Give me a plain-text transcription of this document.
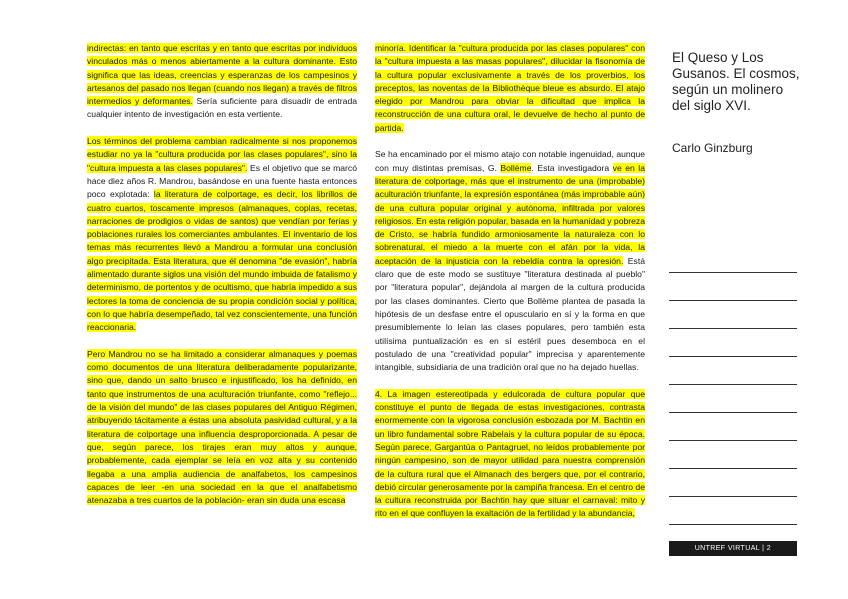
indirectas: en tanto que escritas y en tanto que escritas por individuos vinculados más o menos abiertamente a la cultura dominante. Esto significa que las ideas, creencias y esperanzas de los campesinos y artesanos del pasado nos llegan (cuando nos llegan) a través de filtros intermedios y deformantes. Sería suficiente para disuadir de entrada cualquier intento de investigación en esta vertiente.

Los términos del problema cambian radicalmente si nos proponemos estudiar no ya la "cultura producida por las clases populares", sino la "cultura impuesta a las clases populares". Es el objetivo que se marcó hace diez años R. Mandrou, basándose en una fuente hasta entonces poco explotada: la literatura de colportage, es decir, los librillos de cuatro cuartos, toscamente impresos (almanaques, coplas, recetas, narraciones de prodigios o vidas de santos) que vendían por ferias y poblaciones rurales los comerciantes ambulantes. El inventario de los temas más recurrentes llevó a Mandrou a formular una conclusión algo precipitada. Esta literatura, que él denomina "de evasión", habría alimentado durante siglos una visión del mundo imbuida de fatalismo y determinismo, de portentos y de ocultismo, que habría impedido a sus lectores la toma de conciencia de su propia condición social y política, con lo que habría desempeñado, tal vez conscientemente, una función reaccionaria.

Pero Mandrou no se ha limitado a considerar almanaques y poemas como documentos de una literatura deliberadamente popularizante, sino que, dando un salto brusco e injustificado, los ha definido, en tanto que instrumentos de una aculturación triunfante, como "reflejo... de la visión del mundo" de las clases populares del Antiguo Régimen, atribuyendo tácitamente a éstas una absoluta pasividad cultural, y a la literatura de colportage una influencia desproporcionada. A pesar de que, según parece, los tirajes eran muy altos y aunque, probablemente, cada ejemplar se leía en voz alta y su contenido llegaba a una amplia audiencia de analfabetos, los campesinos capaces de leer -en una sociedad en la que el analfabetismo atenazaba a tres cuartos de la población- eran sin duda una escasa

minoría. Identificar la "cultura producida por las clases populares" con la "cultura impuesta a las masas populares", dilucidar la fisonomía de la cultura popular exclusivamente a través de los proverbios, los preceptos, las noventas de la Bibliothèque bleue es absurdo. El atajo elegido por Mandrou para obviar la dificultad que implica la reconstrucción de una cultura oral, le devuelve de hecho al punto de partida.

Se ha encaminado por el mismo atajo con notable ingenuidad, aunque con muy distintas premisas, G. Bollème. Esta investigadora ve en la literatura de colportage, más que el instrumento de una (improbable) aculturación triunfante, la expresión espontánea (más improbable aún) de una cultura popular original y autónoma, infiltrada por valores religiosos. En esta religión popular, basada en la humanidad y pobreza de Cristo, se habría fundido armoniosamente la naturaleza con lo sobrenatural, el miedo a la muerte con el afán por la vida, la aceptación de la injusticia con la rebeldía contra la opresión. Está claro que de este modo se sustituye "literatura destinada al pueblo" por "literatura popular", dejándola al margen de la cultura producida por las clases dominantes. Cierto que Bollème plantea de pasada la hipótesis de un desfase entre el opusculario en sí y la forma en que presumiblemente lo leían las clases populares, pero también esta utilísima puntualización es en sí estéril pues desemboca en el postulado de una "creatividad popular" imprecisa y aparentemente intangible, subsidiaria de una tradición oral que no ha dejado huellas.

4. La imagen estereotipada y edulcorada de cultura popular que constituye el punto de llegada de estas investigaciones, contrasta enormemente con la vigorosa conclusión esbozada por M. Bachtin en un libro fundamental sobre Rabelais y la cultura popular de su época. Según parece, Gargantúa o Pantagruel, no leídos probablemente por ningún campesino, son de mayor utilidad para nuestra comprensión de la cultura rural que el Almanach des bergers que, por el contrario, debió circular generosamente por la campiña francesa. En el centro de la cultura reconstruida por Bachtin hay que situar el carnaval: mito y rito en el que confluyen la exaltación de la fertilidad y la abundancia,

El Queso y Los Gusanos. El cosmos, según un molinero del siglo XVI.
Carlo Ginzburg
UNTREF VIRTUAL | 2
